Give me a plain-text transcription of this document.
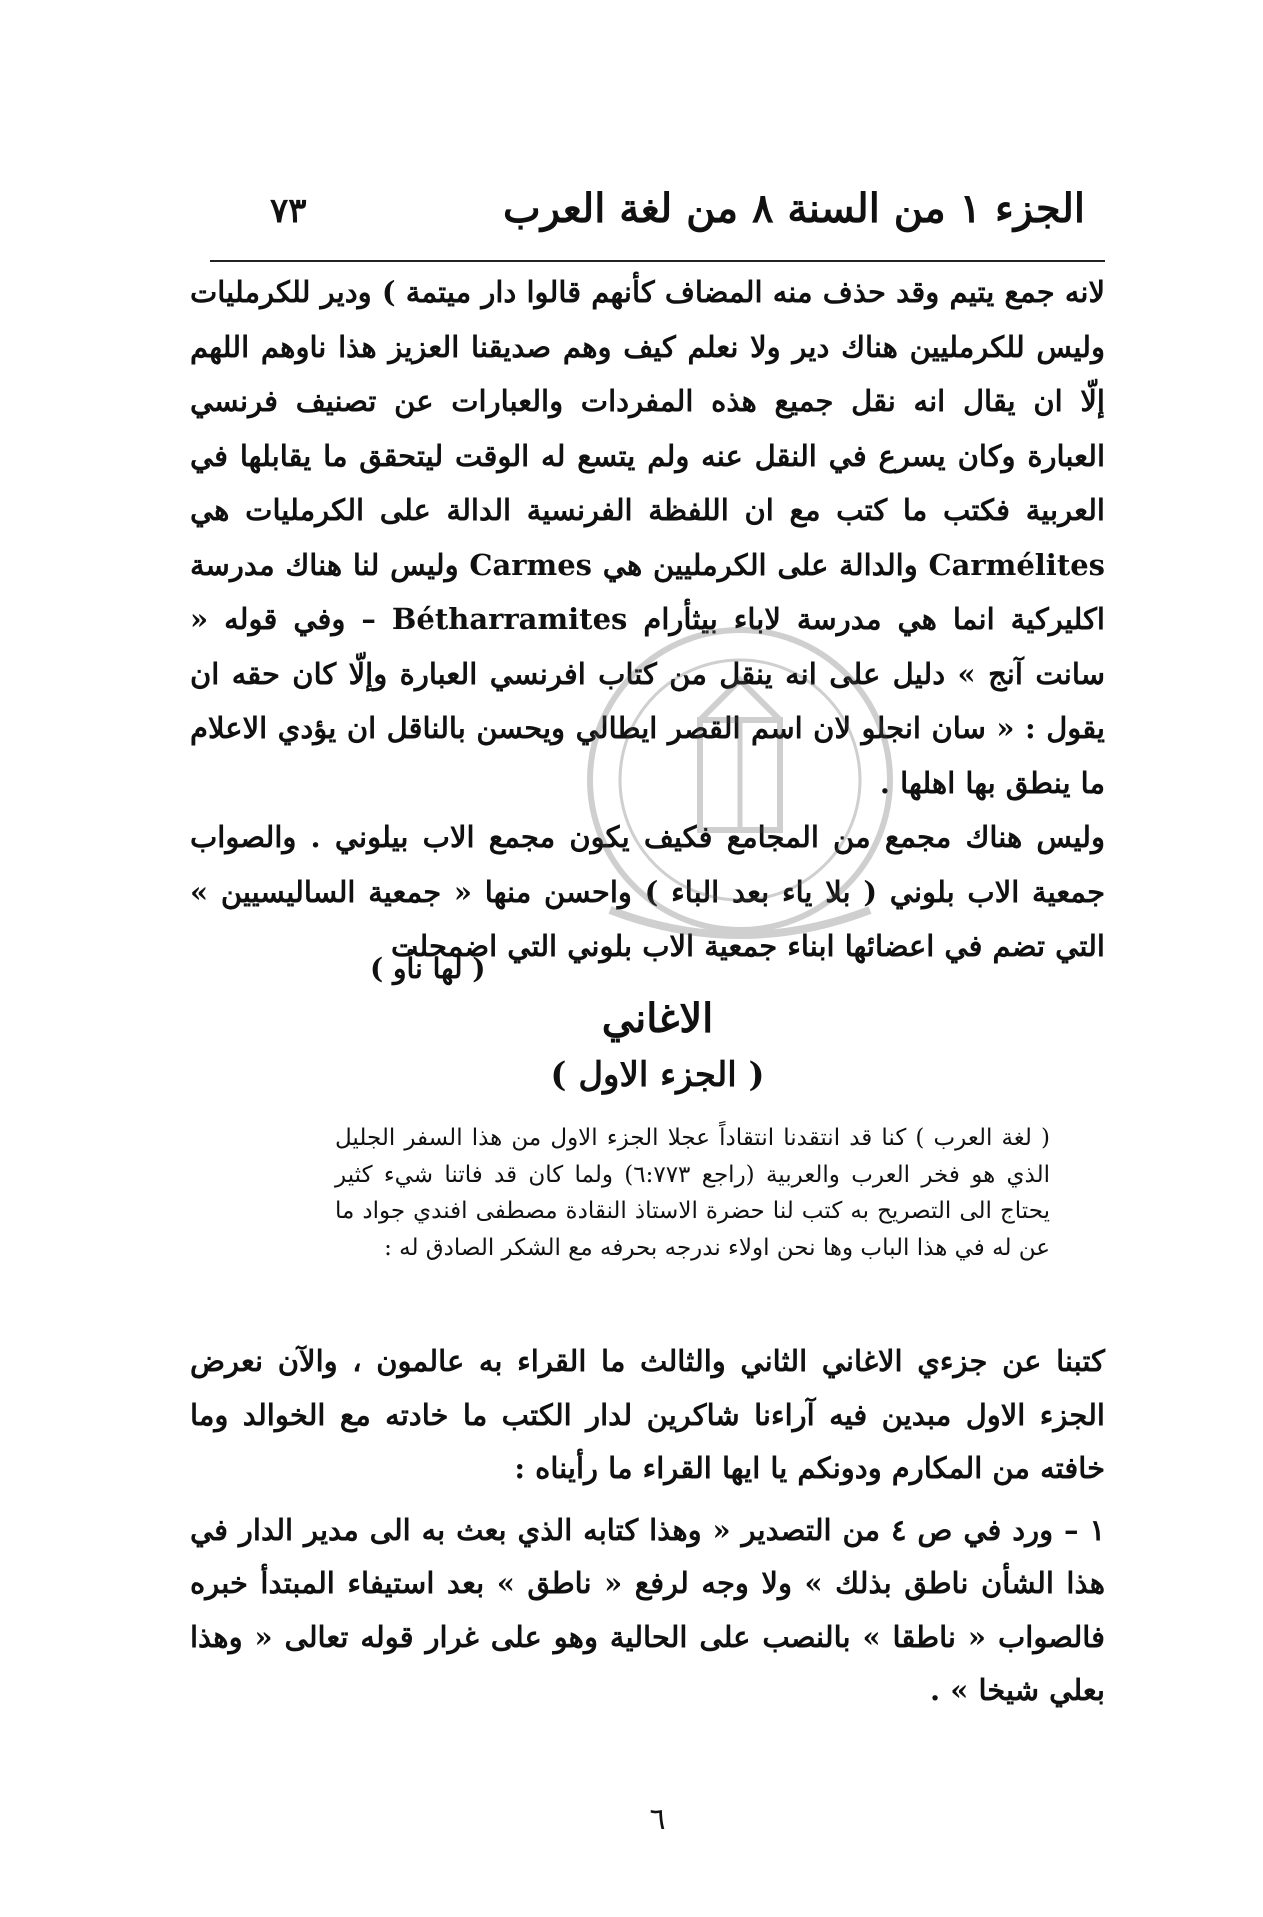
الجزء ١ من السنة ٨ من لغة العرب
٧٣

لانه جمع يتيم وقد حذف منه المضاف كأنهم قالوا دار ميتمة ) ودير للكرمليات وليس للكرمليين هناك دير ولا نعلم كيف وهم صديقنا العزيز هذا ناوهم اللهم إلّا ان يقال انه نقل جميع هذه المفردات والعبارات عن تصنيف فرنسي العبارة وكان يسرع في النقل عنه ولم يتسع له الوقت ليتحقق ما يقابلها في العربية فكتب ما كتب مع ان اللفظة الفرنسية الدالة على الكرمليات هي Carmélites والدالة على الكرمليين هي Carmes وليس لنا هناك مدرسة اكليركية انما هي مدرسة لاباء بيثأرام Bétharramites – وفي قوله « سانت آنج » دليل على انه ينقل من كتاب افرنسي العبارة وإلّا كان حقه ان يقول : « سان انجلو لان اسم القصر ايطالي ويحسن بالناقل ان يؤدي الاعلام ما ينطق بها اهلها .

وليس هناك مجمع من المجامع فكيف يكون مجمع الاب بيلوني . والصواب جمعية الاب بلوني ( بلا ياء بعد الباء ) واحسن منها « جمعية الساليسيين » التي تضم في اعضائها ابناء جمعية الاب بلوني التي اضمحلت

( لها نأو )
الاغاني
( الجزء الاول )

( لغة العرب ) كنا قد انتقدنا انتقاداً عجلا الجزء الاول من هذا السفر الجليل الذي هو فخر العرب والعربية (راجع ٦:٧٧٣) ولما كان قد فاتنا شيء كثير يحتاج الى التصريح به كتب لنا حضرة الاستاذ النقادة مصطفى افندي جواد ما عن له في هذا الباب وها نحن اولاء ندرجه بحرفه مع الشكر الصادق له :

كتبنا عن جزءي الاغاني الثاني والثالث ما القراء به عالمون ، والآن نعرض الجزء الاول مبدين فيه آراءنا شاكرين لدار الكتب ما خادته مع الخوالد وما خافته من المكارم ودونكم يا ايها القراء ما رأيناه :

١ – ورد في ص ٤ من التصدير « وهذا كتابه الذي بعث به الى مدير الدار في هذا الشأن ناطق بذلك » ولا وجه لرفع « ناطق » بعد استيفاء المبتدأ خبره فالصواب « ناطقا » بالنصب على الحالية وهو على غرار قوله تعالى « وهذا بعلي شيخا » .

٦
